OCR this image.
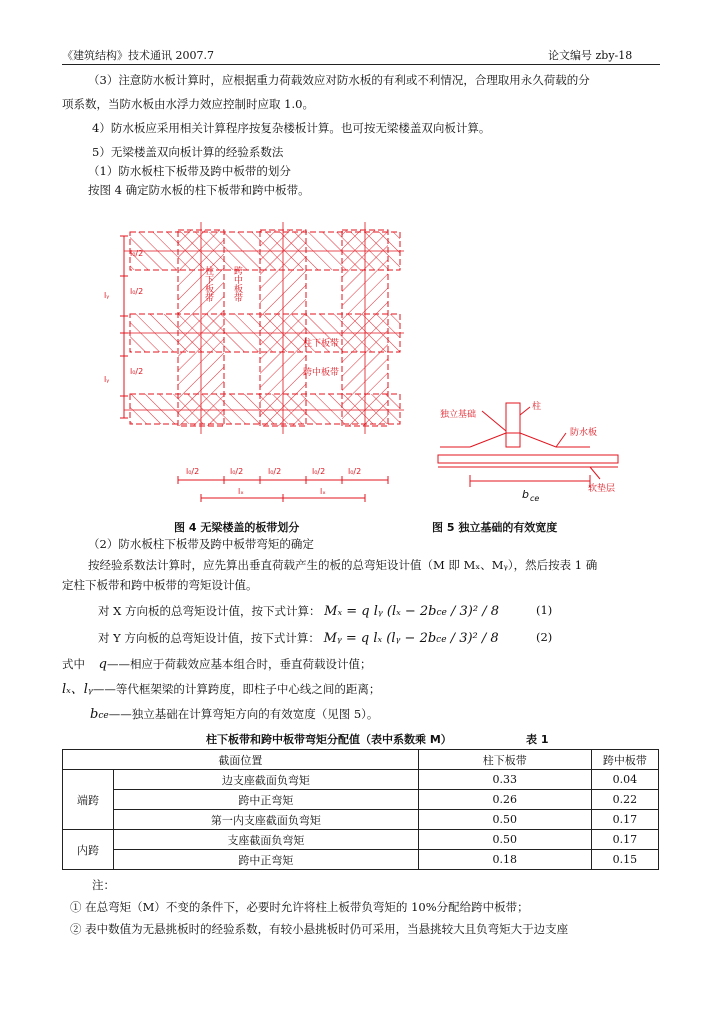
《建筑结构》技术通讯 2007.7	论文编号 zby-18
（3）注意防水板计算时，应根据重力荷载效应对防水板的有利或不利情况，合理取用永久荷载的分
项系数，当防水板由水浮力效应控制时应取 1.0。
4）防水板应采用相关计算程序按复杂楼板计算。也可按无梁楼盖双向板计算。
5）无梁楼盖双向板计算的经验系数法
（1）防水板柱下板带及跨中板带的划分
按图 4 确定防水板的柱下板带和跨中板带。
柱下板带 跨中板带
柱下板带
跨中板带
l₀/2
l₀/2
lᵧ
l₀/2
lᵧ
l₀/2	l₀/2	l₀/2	l₀/2	l₀/2
lₓ	lₓ
独立基础
柱
防水板
软垫层
b ce
图 4 无梁楼盖的板带划分	图 5 独立基础的有效宽度
（2）防水板柱下板带及跨中板带弯矩的确定
按经验系数法计算时，应先算出垂直荷载产生的板的总弯矩设计值（M 即 Mₓ、Mᵧ），然后按表 1 确
定柱下板带和跨中板带的弯矩设计值。
对 X 方向板的总弯矩设计值，按下式计算： Mₓ = q lᵧ (lₓ − 2bce / 3)² / 8	(1)
对 Y 方向板的总弯矩设计值，按下式计算： Mᵧ = q lₓ (lᵧ − 2bce / 3)² / 8	(2)
式中 q——相应于荷载效应基本组合时，垂直荷载设计值；
lₓ、lᵧ——等代框架梁的计算跨度，即柱子中心线之间的距离；
bce——独立基础在计算弯矩方向的有效宽度（见图 5）。
柱下板带和跨中板带弯矩分配值（表中系数乘 M）	表 1
截面位置		柱下板带	跨中板带
端跨	边支座截面负弯矩	0.33	0.04
	跨中正弯矩	0.26	0.22
	第一内支座截面负弯矩	0.50	0.17
内跨	支座截面负弯矩	0.50	0.17
	跨中正弯矩	0.18	0.15
注：
① 在总弯矩（M）不变的条件下，必要时允许将柱上板带负弯矩的 10%分配给跨中板带；
② 表中数值为无悬挑板时的经验系数，有较小悬挑板时仍可采用，当悬挑较大且负弯矩大于边支座
